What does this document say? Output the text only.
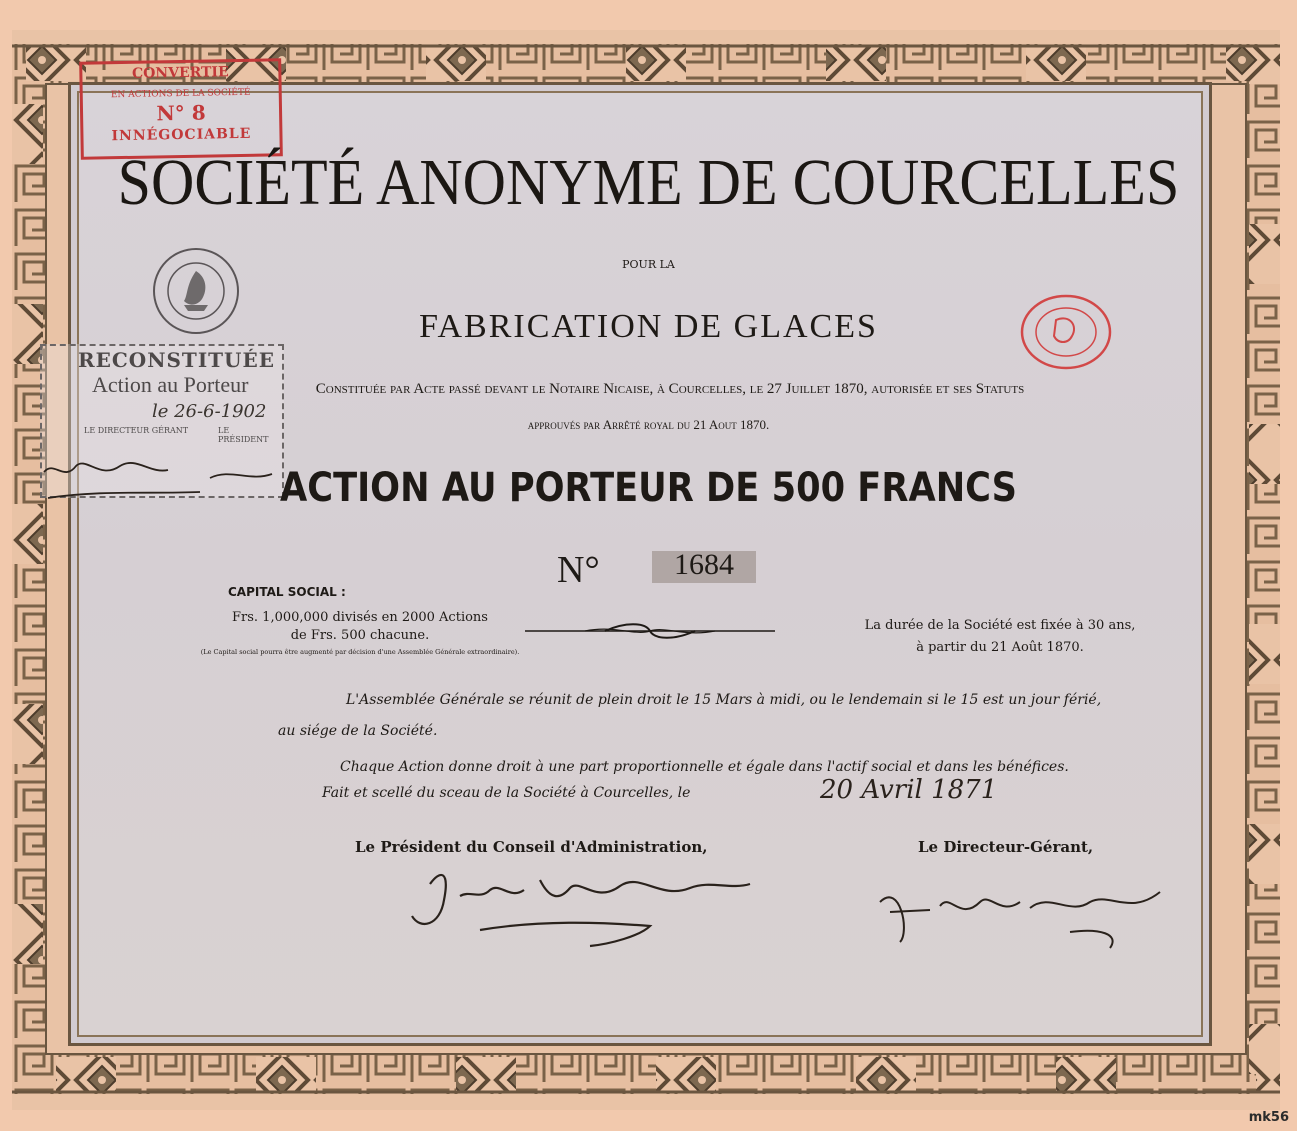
CONVERTIE
EN ACTIONS DE LA SOCIÉTÉ
N° 8
INNÉGOCIABLE
SOCIÉTÉ ANONYME DE COURCELLES
POUR LA
FABRICATION DE GLACES
RECONSTITUÉE
Action au Porteur
le 26-6-1902
LE DIRECTEUR GÉRANT	LE PRÉSIDENT
Constituée par Acte passé devant le Notaire Nicaise, à Courcelles, le 27 Juillet 1870, autorisée et ses Statuts
approuvés par Arrêté royal du 21 Aout 1870.
ACTION AU PORTEUR DE 500 FRANCS
N°	1684
CAPITAL SOCIAL :
Frs. 1,000,000 divisés en 2000 Actions
de Frs. 500 chacune.
(Le Capital social pourra être augmenté par décision d'une Assemblée Générale extraordinaire).
La durée de la Société est fixée à 30 ans,
à partir du 21 Août 1870.
L'Assemblée Générale se réunit de plein droit le 15 Mars à midi, ou le lendemain si le 15 est un jour férié,
au siége de la Société.
Chaque Action donne droit à une part proportionnelle et égale dans l'actif social et dans les bénéfices.
Fait et scellé du sceau de la Société à Courcelles, le	20 Avril 1871
Le Président du Conseil d'Administration,	Le Directeur-Gérant,
mk56
